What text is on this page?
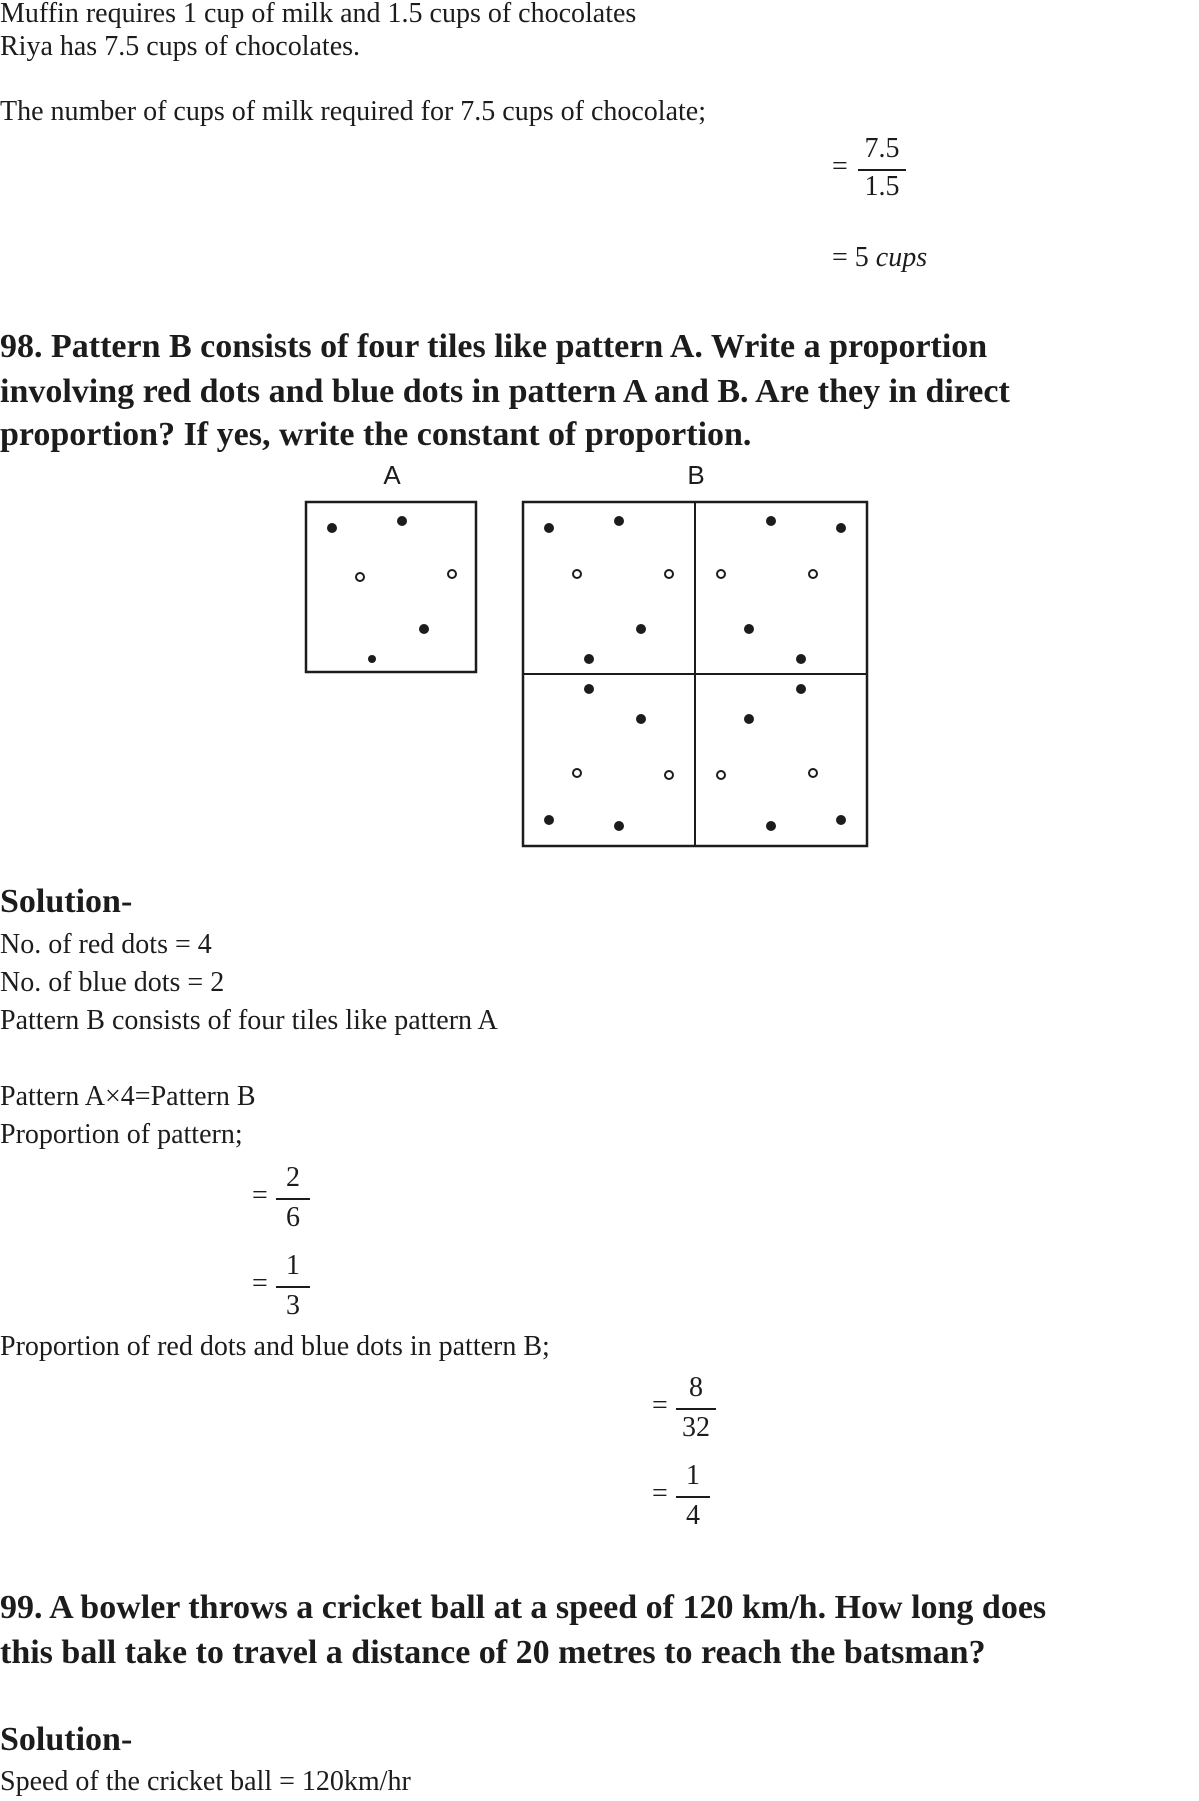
Muffin requires 1 cup of milk and 1.5 cups of chocolates
Riya has 7.5 cups of chocolates.
The number of cups of milk required for 7.5 cups of chocolate;
=
7.5
1.5
= 5 cups
98. Pattern B consists of four tiles like pattern A. Write a proportion
involving red dots and blue dots in pattern A and B. Are they in direct
proportion? If yes, write the constant of proportion.
A	B
Solution-
No. of red dots = 4
No. of blue dots = 2
Pattern B consists of four tiles like pattern A
Pattern A×4=Pattern B
Proportion of pattern;
=
2
6
=
1
3
Proportion of red dots and blue dots in pattern B;
=
8
32
=
1
4
99. A bowler throws a cricket ball at a speed of 120 km/h. How long does
this ball take to travel a distance of 20 metres to reach the batsman?
Solution-
Speed of the cricket ball = 120km/hr
